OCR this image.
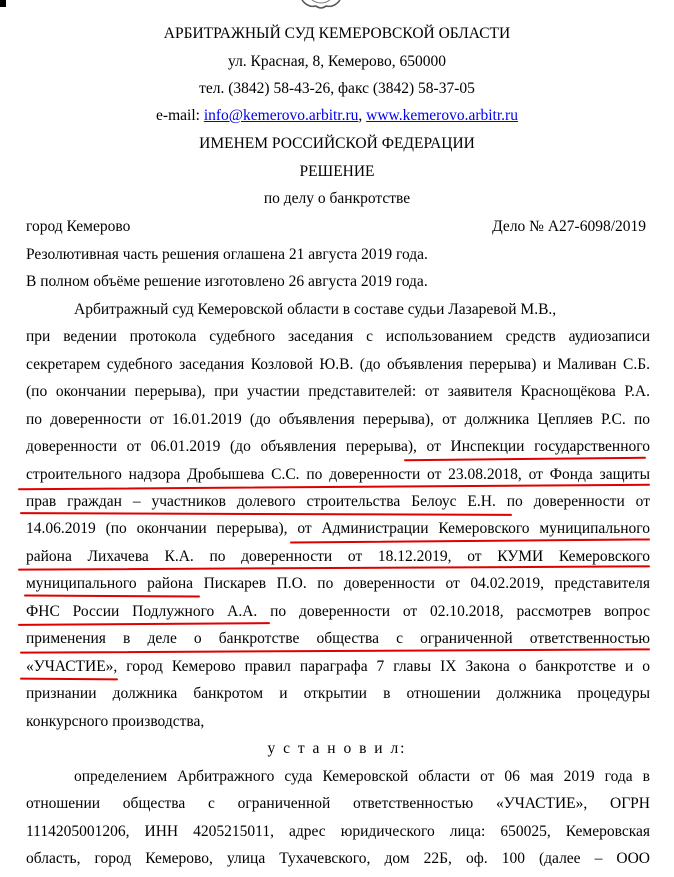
АРБИТРАЖНЫЙ СУД КЕМЕРОВСКОЙ ОБЛАСТИ
ул. Красная, 8, Кемерово, 650000
тел. (3842) 58-43-26, факс (3842) 58-37-05
e-mail: info@kemerovo.arbitr.ru, www.kemerovo.arbitr.ru
ИМЕНЕМ РОССИЙСКОЙ ФЕДЕРАЦИИ
РЕШЕНИЕ
по делу о банкротстве
город Кемерово	Дело № А27-6098/2019
Резолютивная часть решения оглашена 21 августа 2019 года.
В полном объёме решение изготовлено 26 августа 2019 года.
Арбитражный суд Кемеровской области в составе судьи Лазаревой М.В.,
при ведении протокола судебного заседания с использованием средств аудиозаписи
секретарем судебного заседания Козловой Ю.В. (до объявления перерыва) и Маливан С.Б.
(по окончании перерыва), при участии представителей: от заявителя Краснощёкова Р.А.
по доверенности от 16.01.2019 (до объявления перерыва), от должника Цепляев Р.С. по
доверенности от 06.01.2019 (до объявления перерыва), от Инспекции государственного
строительного надзора Дробышева С.С. по доверенности от 23.08.2018, от Фонда защиты
прав граждан – участников долевого строительства Белоус Е.Н. по доверенности от
14.06.2019 (по окончании перерыва), от Администрации Кемеровского муниципального
района Лихачева К.А. по доверенности от 18.12.2019, от КУМИ Кемеровского
муниципального района Пискарев П.О. по доверенности от 04.02.2019, представителя
ФНС России Подлужного А.А. по доверенности от 02.10.2018, рассмотрев вопрос
применения в деле о банкротстве общества с ограниченной ответственностью
«УЧАСТИЕ», город Кемерово правил параграфа 7 главы IX Закона о банкротстве и о
признании должника банкротом и открытии в отношении должника процедуры
конкурсного производства,
у с т а н о в и л:
определением Арбитражного суда Кемеровской области от 06 мая 2019 года в
отношении общества с ограниченной ответственностью «УЧАСТИЕ», ОГРН
1114205001206, ИНН 4205215011, адрес юридического лица: 650025, Кемеровская
область, город Кемерово, улица Тухачевского, дом 22Б, оф. 100 (далее – ООО
